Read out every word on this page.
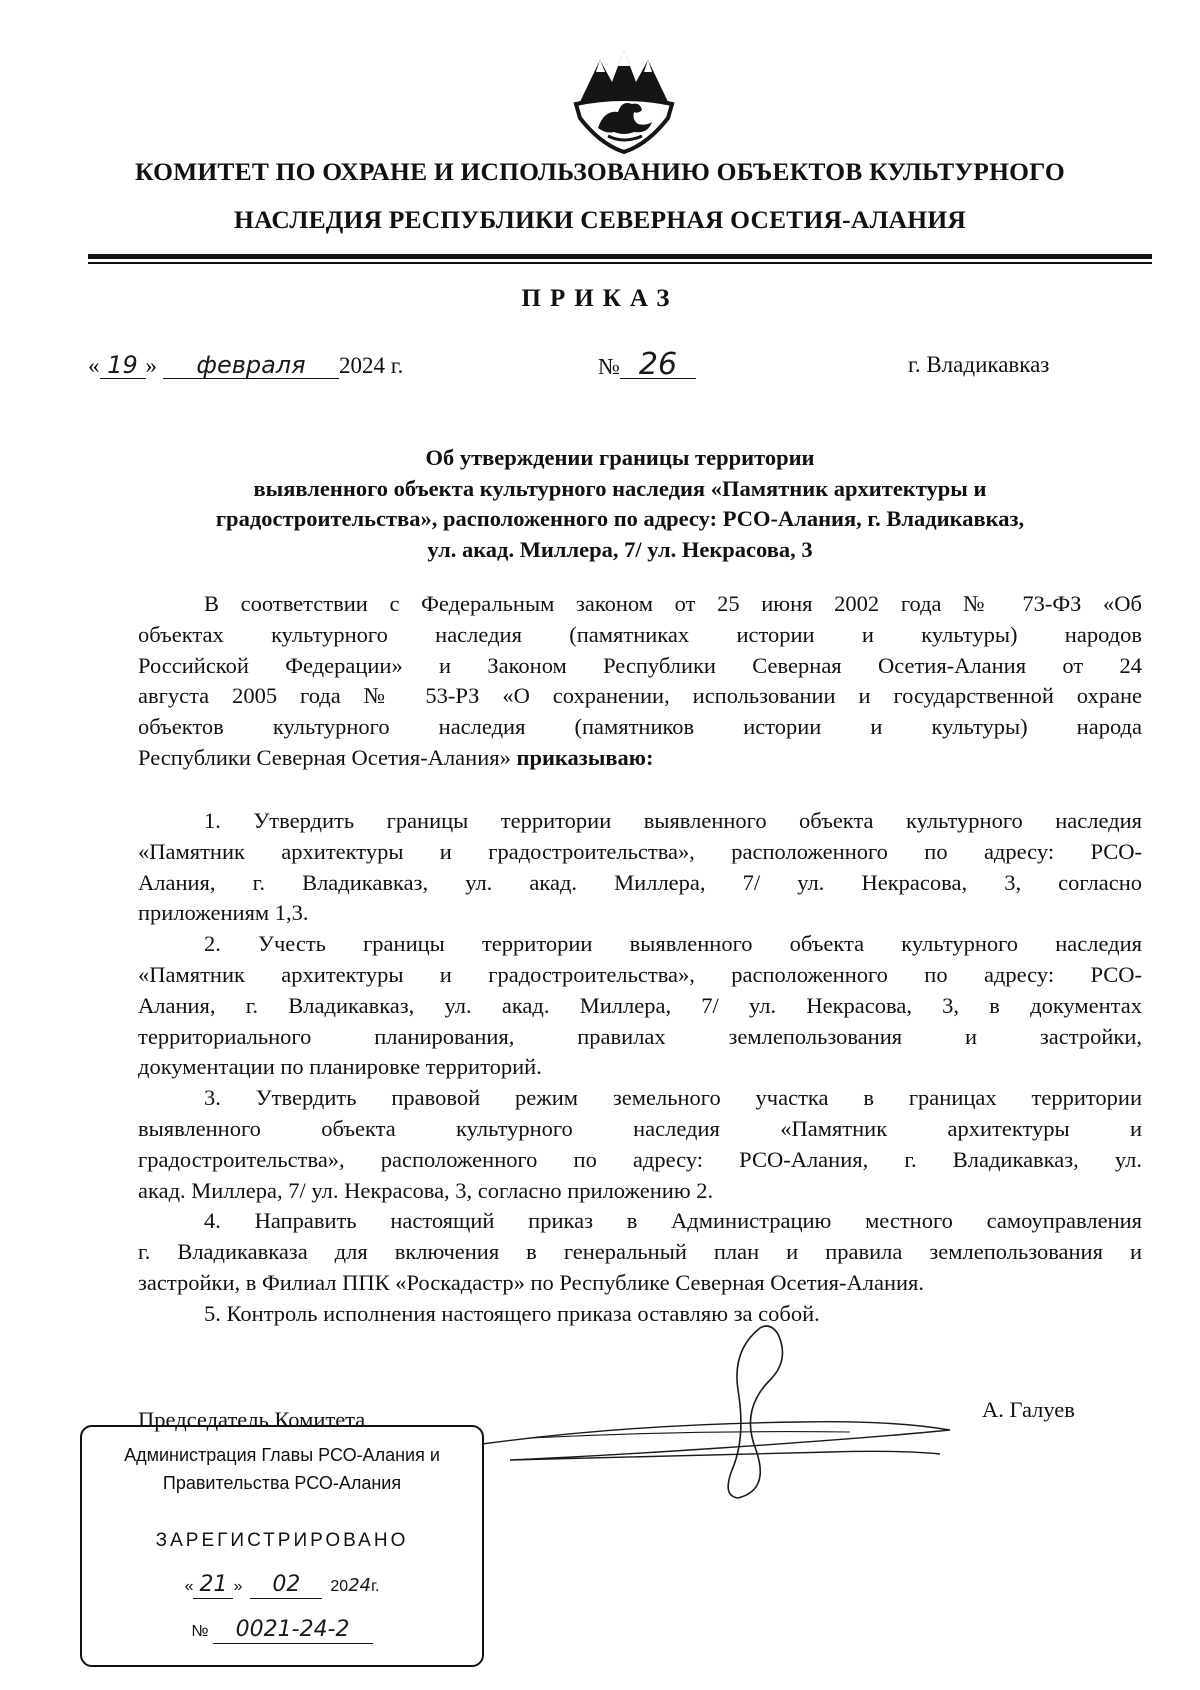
КОМИТЕТ ПО ОХРАНЕ И ИСПОЛЬЗОВАНИЮ ОБЪЕКТОВ КУЛЬТУРНОГО
НАСЛЕДИЯ РЕСПУБЛИКИ СЕВЕРНАЯ ОСЕТИЯ-АЛАНИЯ
ПРИКАЗ
« 19 » февраля 2024 г.	№ 26	г. Владикавказ
Об утверждении границы территории
выявленного объекта культурного наследия «Памятник архитектуры и
градостроительства», расположенного по адресу: РСО-Алания, г. Владикавказ,
ул. акад. Миллера, 7/ ул. Некрасова, 3
В соответствии с Федеральным законом от 25 июня 2002 года № 73-ФЗ «Об
объектах культурного наследия (памятниках истории и культуры) народов
Российской Федерации» и Законом Республики Северная Осетия-Алания от 24
августа 2005 года № 53-РЗ «О сохранении, использовании и государственной охране
объектов культурного наследия (памятников истории и культуры) народа
Республики Северная Осетия-Алания» приказываю:
1. Утвердить границы территории выявленного объекта культурного наследия
«Памятник архитектуры и градостроительства», расположенного по адресу: РСО-
Алания, г. Владикавказ, ул. акад. Миллера, 7/ ул. Некрасова, 3, согласно
приложениям 1,3.
2. Учесть границы территории выявленного объекта культурного наследия
«Памятник архитектуры и градостроительства», расположенного по адресу: РСО-
Алания, г. Владикавказ, ул. акад. Миллера, 7/ ул. Некрасова, 3, в документах
территориального планирования, правилах землепользования и застройки,
документации по планировке территорий.
3. Утвердить правовой режим земельного участка в границах территории
выявленного объекта культурного наследия «Памятник архитектуры и
градостроительства», расположенного по адресу: РСО-Алания, г. Владикавказ, ул.
акад. Миллера, 7/ ул. Некрасова, 3, согласно приложению 2.
4. Направить настоящий приказ в Администрацию местного самоуправления
г. Владикавказа для включения в генеральный план и правила землепользования и
застройки, в Филиал ППК «Роскадастр» по Республике Северная Осетия-Алания.
5. Контроль исполнения настоящего приказа оставляю за собой.
Председатель Комитета	А. Галуев
Администрация Главы РСО-Алания и
Правительства РСО-Алания
ЗАРЕГИСТРИРОВАНО
« 21 » 02 2024г.
№ 0021-24-2
